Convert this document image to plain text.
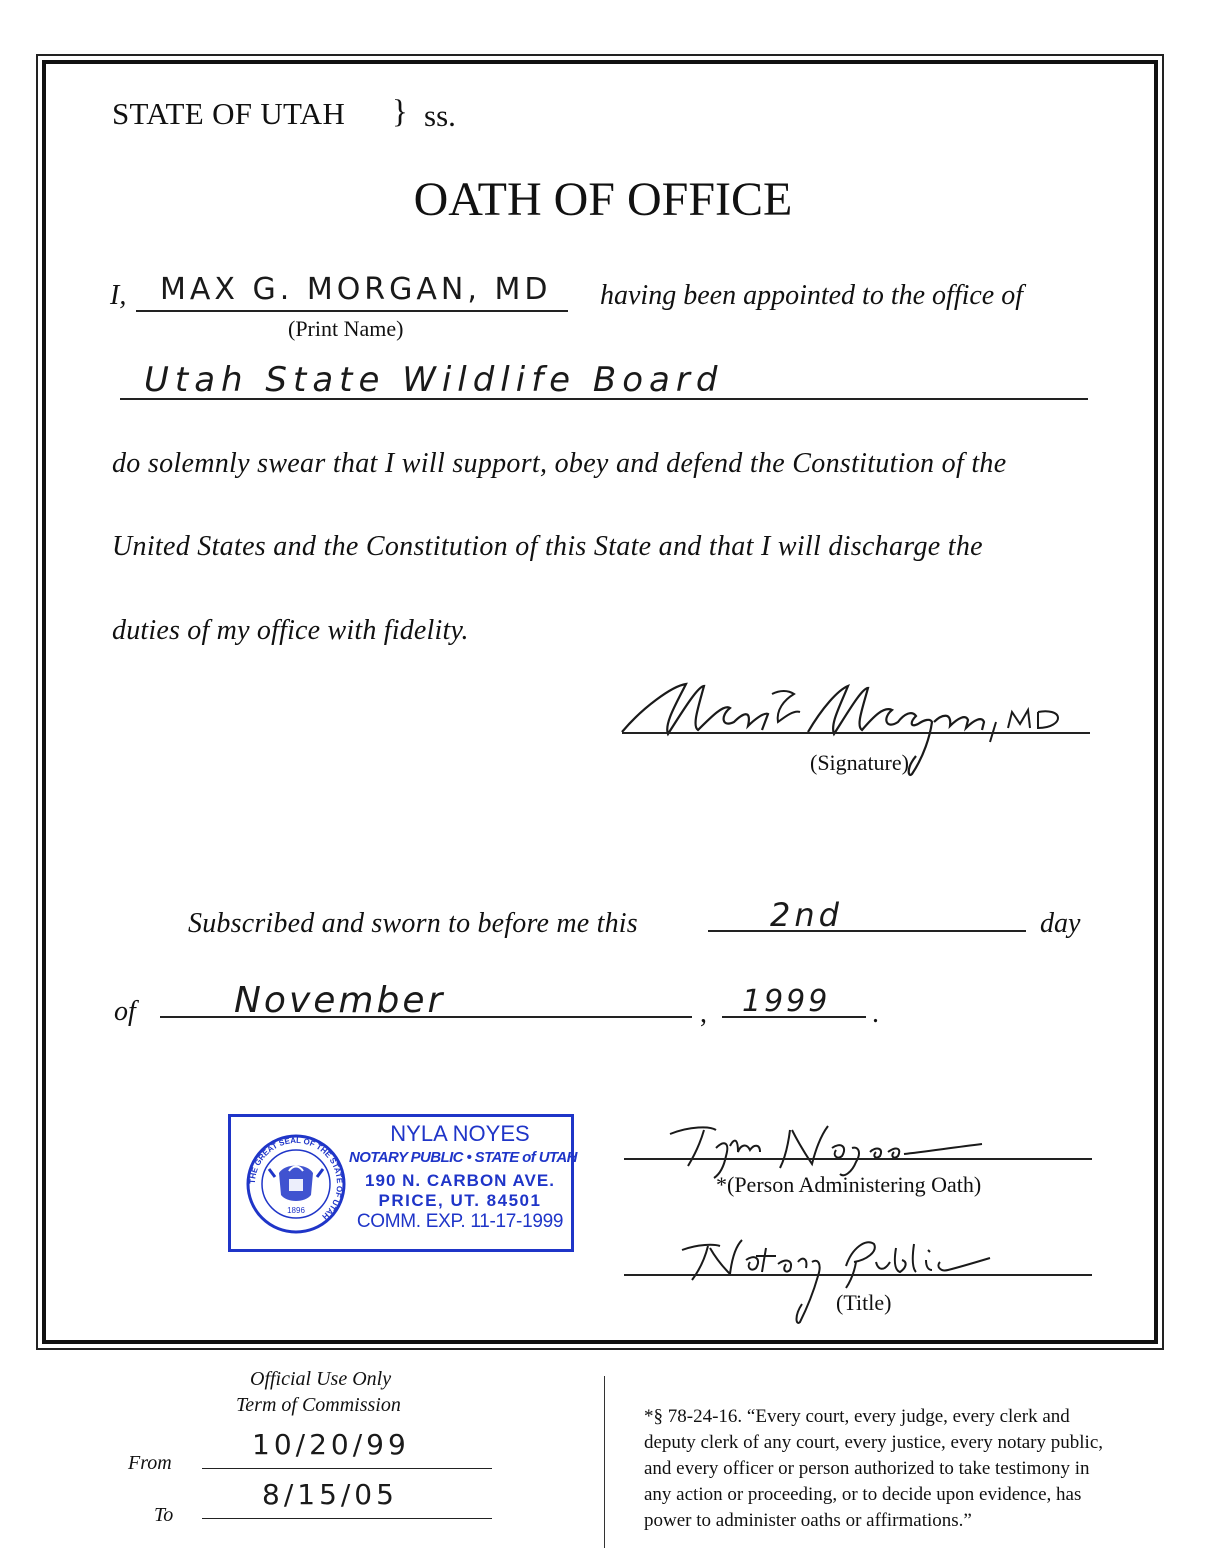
STATE OF UTAH } ss.
OATH OF OFFICE
I, MAX G. MORGAN, MD
(Print Name)
having been appointed to the office of
Utah State Wildlife Board
do solemnly swear that I will support, obey and defend the Constitution of the
United States and the Constitution of this State and that I will discharge the
duties of my office with fidelity.
(Signature)
Subscribed and sworn to before me this	2nd	day
of	November	, 1999 .
THE GREAT SEAL OF THE STATE OF UTAH
1896
NYLA NOYES
NOTARY PUBLIC • STATE of UTAH
190 N. CARBON AVE.
PRICE, UT. 84501
COMM. EXP. 11-17-1999
*(Person Administering Oath)
(Title)
Official Use Only
Term of Commission
From
10/20/99
To
8/15/05
*§ 78-24-16. “Every court, every judge, every clerk and
deputy clerk of any court, every justice, every notary public,
and every officer or person authorized to take testimony in
any action or proceeding, or to decide upon evidence, has
power to administer oaths or affirmations.”
